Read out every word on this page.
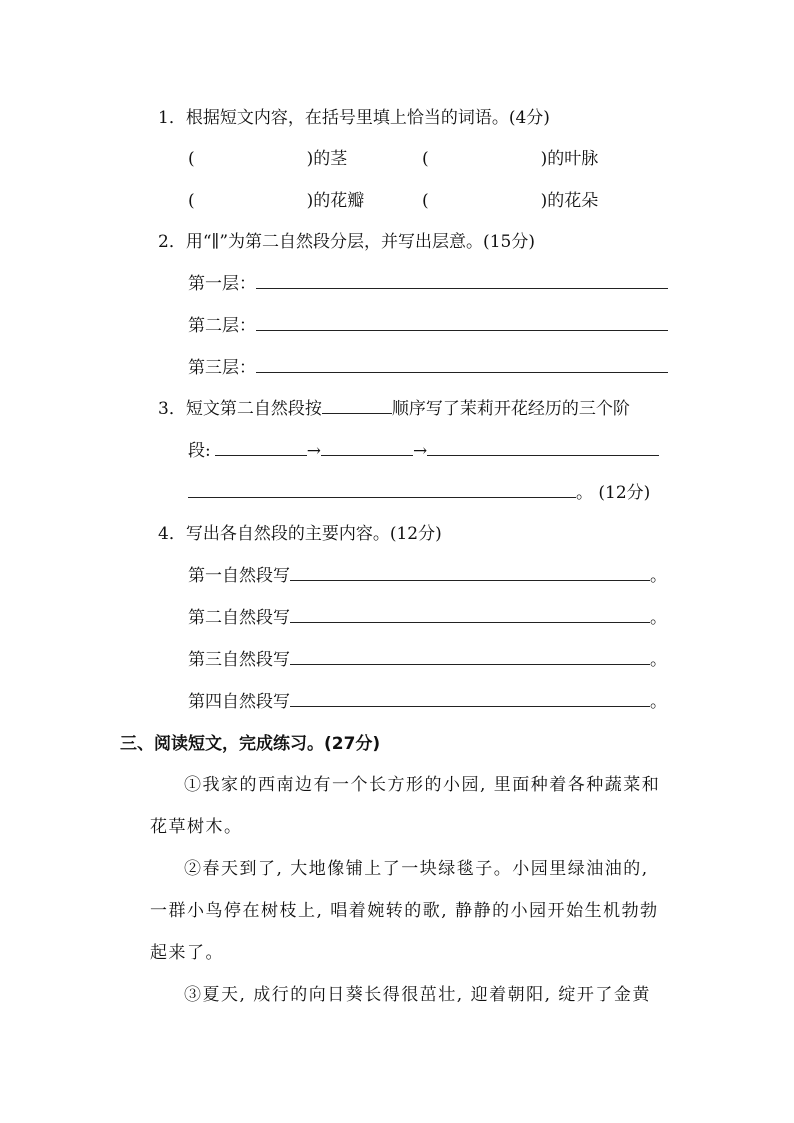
1．根据短文内容，在括号里填上恰当的词语。(4分)
(	)的茎	(	)的叶脉
(	)的花瓣	(	)的花朵
2．用“∥”为第二自然段分层，并写出层意。(15分)
第一层：
第二层：
第三层：
3．短文第二自然段按	顺序写了茉莉开花经历的三个阶
段:	→	→
。 (12分)
4．写出各自然段的主要内容。(12分)
第一自然段写	。
第二自然段写	。
第三自然段写	。
第四自然段写	。
三、阅读短文，完成练习。(27分)
①我家的西南边有一个长方形的小园, 里面种着各种蔬菜和
花草树木。
②春天到了, 大地像铺上了一块绿毯子。小园里绿油油的,
一群小鸟停在树枝上, 唱着婉转的歌, 静静的小园开始生机勃勃
起来了。
③夏天, 成行的向日葵长得很茁壮, 迎着朝阳, 绽开了金黄
